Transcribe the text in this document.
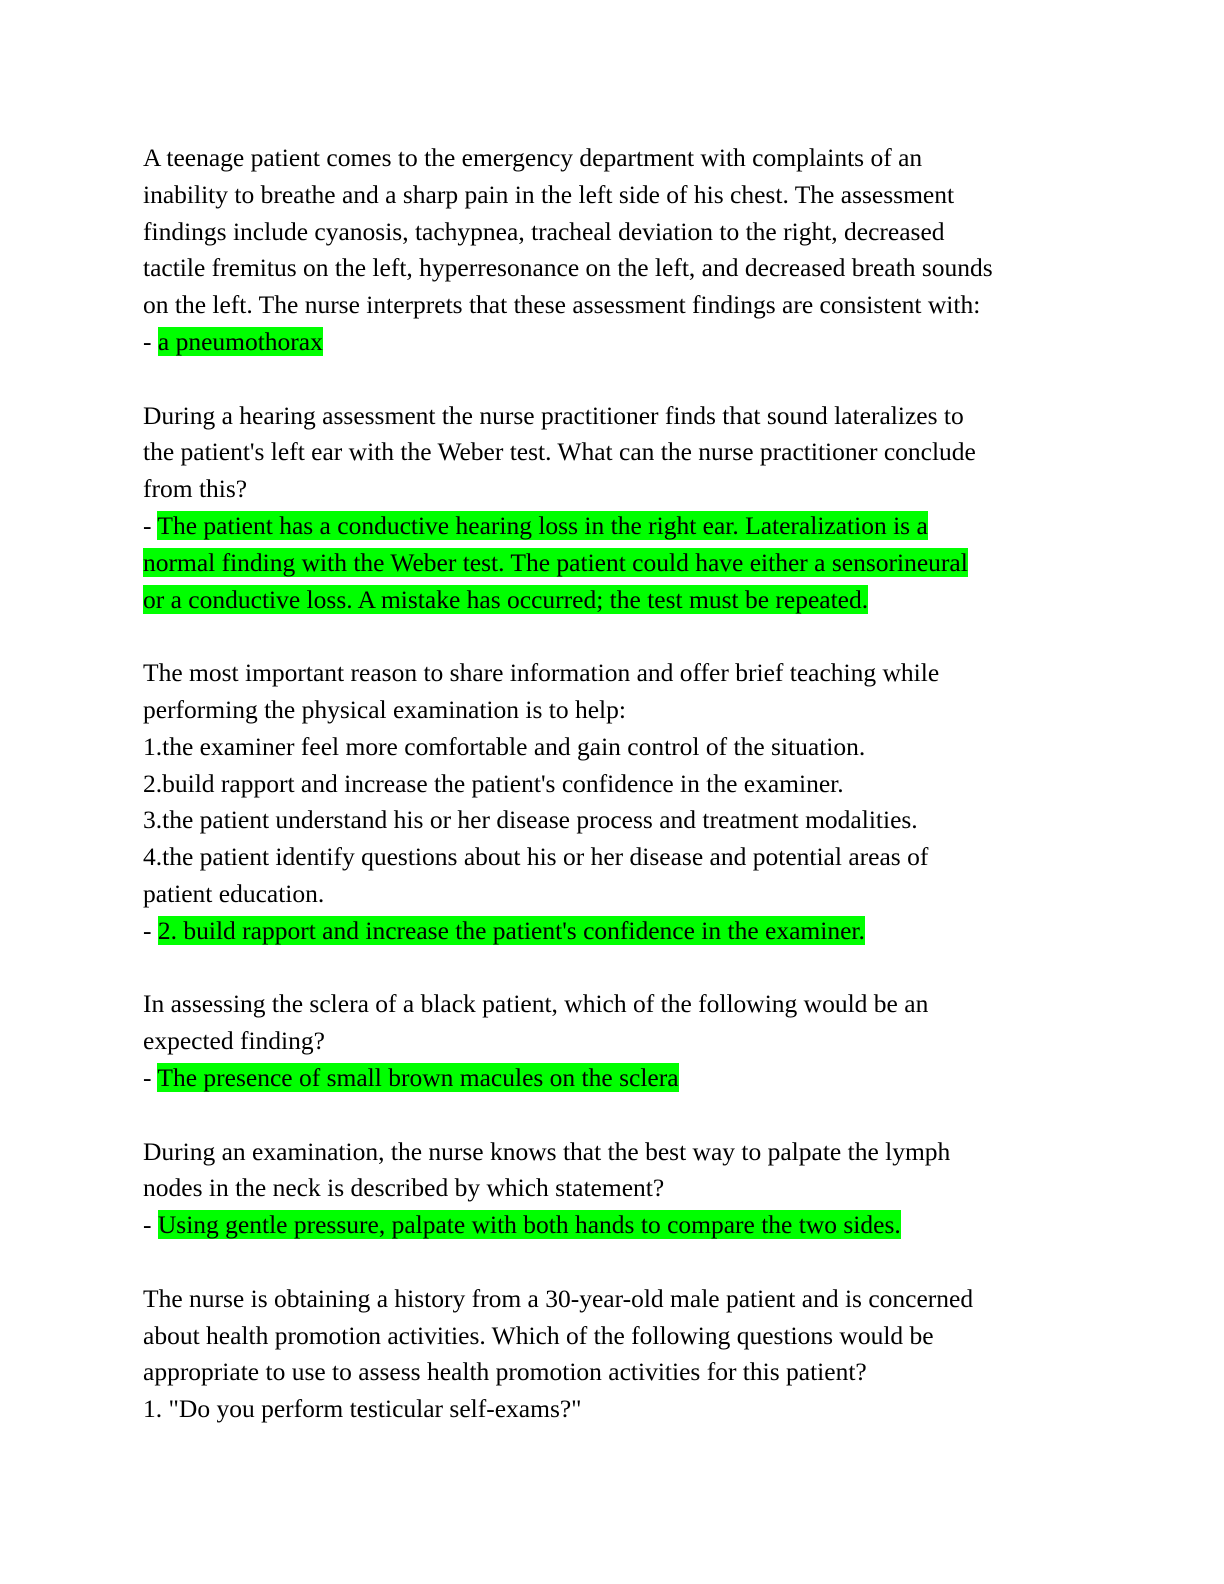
A teenage patient comes to the emergency department with complaints of an
inability to breathe and a sharp pain in the left side of his chest. The assessment
findings include cyanosis, tachypnea, tracheal deviation to the right, decreased
tactile fremitus on the left, hyperresonance on the left, and decreased breath sounds
on the left. The nurse interprets that these assessment findings are consistent with:
- a pneumothorax
During a hearing assessment the nurse practitioner finds that sound lateralizes to
the patient's left ear with the Weber test. What can the nurse practitioner conclude
from this?
- The patient has a conductive hearing loss in the right ear. Lateralization is a
normal finding with the Weber test. The patient could have either a sensorineural
or a conductive loss. A mistake has occurred; the test must be repeated.
The most important reason to share information and offer brief teaching while
performing the physical examination is to help:
1.the examiner feel more comfortable and gain control of the situation.
2.build rapport and increase the patient's confidence in the examiner.
3.the patient understand his or her disease process and treatment modalities.
4.the patient identify questions about his or her disease and potential areas of
patient education.
- 2. build rapport and increase the patient's confidence in the examiner.
In assessing the sclera of a black patient, which of the following would be an
expected finding?
- The presence of small brown macules on the sclera
During an examination, the nurse knows that the best way to palpate the lymph
nodes in the neck is described by which statement?
- Using gentle pressure, palpate with both hands to compare the two sides.
The nurse is obtaining a history from a 30-year-old male patient and is concerned
about health promotion activities. Which of the following questions would be
appropriate to use to assess health promotion activities for this patient?
1. "Do you perform testicular self-exams?"
